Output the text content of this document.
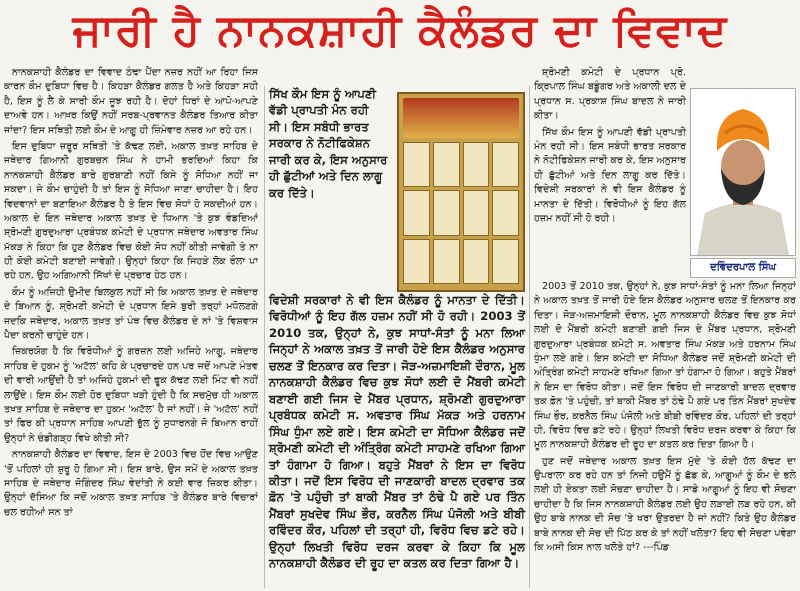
ਜਾਰੀ ਹੈ ਨਾਨਕਸ਼ਾਹੀ ਕੈਲੰਡਰ ਦਾ ਵਿਵਾਦ

ਨਾਨਕਸ਼ਾਹੀ ਕੈਲੰਡਰ ਦਾ ਵਿਵਾਦ ਠੰਢਾ ਪੈਂਦਾ ਨਜ਼ਰ ਨਹੀਂ ਆ ਰਿਹਾ ਜਿਸ ਕਾਰਨ ਕੌਮ ਦੁਬਿਧਾ ਵਿਚ ਹੈ। ਕਿਹੜਾ ਕੈਲੰਡਰ ਗਲਤ ਹੈ ਅਤੇ ਕਿਹੜਾ ਸਹੀ ਹੈ, ਇਸ ਨੂੰ ਲੈ ਕੇ ਸਾਰੀ ਕੌਮ ਜੂਝ ਰਹੀ ਹੈ। ਦੋਹਾਂ ਧਿਰਾਂ ਦੇ ਆਪੋ-ਆਪਣੇ ਦਾਅਵੇ ਹਨ। ਆਖ਼ਰ ਕਿਉਂ ਨਹੀਂ ਸਰਬ-ਪ੍ਰਵਾਨਤ ਕੈਲੰਡਰ ਤਿਆਰ ਕੀਤਾ ਜਾਂਦਾ? ਇਸ ਸਥਿਤੀ ਲਈ ਕੌਮ ਦੇ ਆਗੂ ਹੀ ਜ਼ਿੰਮੇਵਾਰ ਨਜ਼ਰ ਆ ਰਹੇ ਹਨ।

ਇਸ ਦੁਬਿਧਾ ਜ਼ਰੂਰ ਸਥਿਤੀ 'ਤੇ ਕੱਢਣ ਲਈ, ਅਕਾਲ ਤਖ਼ਤ ਸਾਹਿਬ ਦੇ ਜਥੇਦਾਰ ਗਿਆਨੀ ਗੁਰਬਚਨ ਸਿੰਘ ਨੇ ਹਾਮੀ ਭਰਦਿਆਂ ਕਿਹਾ ਕਿ ਨਾਨਕਸ਼ਾਹੀ ਕੈਲੰਡਰ ਬਾਰੇ ਗੁਰਬਾਣੀ ਨਹੀਂ ਕਿਸੇ ਨੂੰ ਸੋਧਿਆ ਨਹੀਂ ਜਾ ਸਕਦਾ। ਜੇ ਕੌਮ ਚਾਹੁੰਦੀ ਹੈ ਤਾਂ ਇਸ ਨੂੰ ਸੋਧਿਆ ਜਾਣਾ ਚਾਹੀਦਾ ਹੈ। ਇਹ ਵਿਦਵਾਨਾਂ ਦਾ ਬਣਾਇਆ ਕੈਲੰਡਰ ਹੈ ਤੇ ਇਸ ਵਿਚ ਸੋਧਾਂ ਹੋ ਸਕਦੀਆਂ ਹਨ। ਅਕਾਲ ਦੇ ਇਨ ਜਥੇਦਾਰ ਅਕਾਲ ਤਖ਼ਤ ਦੇ ਧਿਆਨ 'ਤੇ ਕੁਝ ਵੰਡਦਿਆਂ ਸ਼੍ਰੋਮਣੀ ਗੁਰਦੁਆਰਾ ਪ੍ਰਬੰਧਕ ਕਮੇਟੀ ਦੇ ਪ੍ਰਧਾਨ ਜਥੇਦਾਰ ਅਵਤਾਰ ਸਿੰਘ ਮੱਕੜ ਨੇ ਕਿਹਾ ਕਿ ਹੁਣ ਕੈਲੰਡਰ ਵਿਚ ਕੋਈ ਸੋਧ ਨਹੀਂ ਕੀਤੀ ਜਾਵੇਗੀ ਤੇ ਨਾ ਹੀ ਕੋਈ ਕਮੇਟੀ ਬਣਾਈ ਜਾਵੇਗੀ। ਉਨ੍ਹਾਂ ਕਿਹਾ ਕਿ ਜਿਹੜੇ ਲੋਕ ਰੌਲਾ ਪਾ ਰਹੇ ਹਨ, ਉਹ ਅਗਿਆਨੀ ਸਿੱਖਾਂ ਦੇ ਪ੍ਰਚਾਰ ਹੇਠ ਹਨ।

ਕੌਮ ਨੂੰ ਅਜਿਹੀ ਉਮੀਦ ਬਿਲਕੁਲ ਨਹੀਂ ਸੀ ਕਿ ਅਕਾਲ ਤਖ਼ਤ ਦੇ ਜਥੇਦਾਰ ਦੇ ਬਿਆਨ ਨੂੰ, ਸ਼੍ਰੋਮਣੀ ਕਮੇਟੀ ਦੇ ਪ੍ਰਧਾਨ ਇਸੇ ਬੁਰੀ ਤਰ੍ਹਾਂ ਮਧੋਲਣਗੇ ਜਦਕਿ ਜਥੇਦਾਰ, ਅਕਾਲ ਤਖ਼ਤ ਤਾਂ ਪੰਥ ਵਿਚ ਕੈਲੰਡਰ ਦੇ ਨਾਂ 'ਤੇ ਵਿਸ਼ਵਾਸ ਪੈਦਾ ਕਰਨੀ ਚਾਹੁੰਦੇ ਹਨ।

ਜ਼ਿਕਰਯੋਗ ਹੈ ਕਿ ਵਿਰੋਧੀਆਂ ਨੂੰ ਗਰਜ਼ਨ ਲਈ ਅਜਿਹੇ ਆਗੂ, ਜਥੇਦਾਰ ਸਾਹਿਬ ਦੇ ਹੁਕਮ ਨੂੰ 'ਅਟੱਲ' ਕਹਿ ਕੇ ਪ੍ਰਚਾਰਦੇ ਹਨ ਪਰ ਜਦੋਂ ਆਪਣੇ ਮੰਤਵ ਦੀ ਵਾਰੀ ਆਉਂਦੀ ਹੈ ਤਾਂ ਅਜਿਹੇ ਹੁਕਮਾਂ ਦੀ ਫੂਕ ਕੱਢਣ ਲਈ ਮਿੰਟ ਵੀ ਨਹੀਂ ਲਾਉਂਦੇ। ਇਸ ਕੌਮ ਲਈ ਹੋਰ ਦੁਬਿਧਾ ਖੜੀ ਹੁੰਦੀ ਹੈ ਕਿ ਸਚਮੁੱਚ ਹੀ ਅਕਾਲ ਤਖ਼ਤ ਸਾਹਿਬ ਦੇ ਜਥੇਦਾਰ ਦਾ ਹੁਕਮ 'ਅਟੱਲ' ਹੈ ਜਾਂ ਨਹੀਂ। ਜੇ 'ਅਟੱਲ' ਨਹੀਂ ਤਾਂ ਫਿਰ ਕੀ ਪ੍ਰਧਾਨ ਸਾਹਿਬ ਆਪਣੀ ਭੁੱਲ ਨੂੰ ਸੁਧਾਰਨਗੇ ਜੋ ਬਿਆਨ ਰਾਹੀਂ ਉਨ੍ਹਾਂ ਨੇ ਚੰਡੀਗੜ੍ਹ ਵਿਖੇ ਕੀਤੀ ਸੀ?

ਨਾਨਕਸ਼ਾਹੀ ਕੈਲੰਡਰ ਦਾ ਵਿਵਾਦ, ਇਸ ਦੇ 2003 ਵਿਚ ਹੋਂਦ ਵਿਚ ਆਉਣ 'ਤੋਂ ਪਹਿਲਾਂ ਹੀ ਸ਼ੁਰੂ ਹੋ ਗਿਆ ਸੀ। ਇਸ ਬਾਰੇ, ਉਸ ਸਮੇਂ ਦੇ ਅਕਾਲ ਤਖ਼ਤ ਸਾਹਿਬ ਦੇ ਜਥੇਦਾਰ ਜੋਗਿੰਦਰ ਸਿੰਘ ਵੇਦਾਂਤੀ ਨੇ ਕਈ ਵਾਰ ਜ਼ਿਕਰ ਕੀਤਾ। ਉਨ੍ਹਾਂ ਦੱਸਿਆ ਕਿ ਜਦੋਂ ਅਕਾਲ ਤਖ਼ਤ ਸਾਹਿਬ 'ਤੇ ਕੈਲੰਡਰ ਬਾਰੇ ਵਿਚਾਰਾਂ ਚਲ ਰਹੀਆਂ ਸਨ ਤਾਂ

ਸਿੱਖ ਕੌਮ ਇਸ ਨੂੰ ਆਪਣੀ ਵੱਡੀ ਪ੍ਰਾਪਤੀ ਮੰਨ ਰਹੀ ਸੀ। ਇਸ ਸਬੰਧੀ ਭਾਰਤ ਸਰਕਾਰ ਨੇ ਨੋਟੀਫਿਕੇਸ਼ਨ ਜਾਰੀ ਕਰ ਕੇ, ਇਸ ਅਨੁਸਾਰ ਹੀ ਛੁੱਟੀਆਂ ਅਤੇ ਦਿਨ ਲਾਗੂ ਕਰ ਦਿੱਤੇ।

ਵਿਦੇਸ਼ੀ ਸਰਕਾਰਾਂ ਨੇ ਵੀ ਇਸ ਕੈਲੰਡਰ ਨੂੰ ਮਾਨਤਾ ਦੇ ਦਿੱਤੀ। ਵਿਰੋਧੀਆਂ ਨੂੰ ਇਹ ਗੱਲ ਹਜ਼ਮ ਨਹੀਂ ਸੀ ਹੋ ਰਹੀ। 2003 ਤੋਂ 2010 ਤਕ, ਉਨ੍ਹਾਂ ਨੇ, ਕੁਝ ਸਾਧਾਂ-ਸੰਤਾਂ ਨੂੰ ਮਨਾ ਲਿਆ ਜਿਨ੍ਹਾਂ ਨੇ ਅਕਾਲ ਤਖ਼ਤ ਤੋਂ ਜਾਰੀ ਹੋਏ ਇਸ ਕੈਲੰਡਰ ਅਨੁਸਾਰ ਚਲਣ ਤੋਂ ਇਨਕਾਰ ਕਰ ਦਿਤਾ। ਜੋੜ-ਅਜ਼ਮਾਇਸ਼ੀ ਦੌਰਾਨ, ਮੂਲ ਨਾਨਕਸ਼ਾਹੀ ਕੈਲੰਡਰ ਵਿਚ ਕੁਝ ਸੋਧਾਂ ਲਈ ਦੋ ਮੈਂਬਰੀ ਕਮੇਟੀ ਬਣਾਈ ਗਈ ਜਿਸ ਦੇ ਮੈਂਬਰ ਪ੍ਰਧਾਨ, ਸ਼੍ਰੋਮਣੀ ਗੁਰਦੁਆਰਾ ਪ੍ਰਬੰਧਕ ਕਮੇਟੀ ਸ. ਅਵਤਾਰ ਸਿੰਘ ਮੱਕੜ ਅਤੇ ਹਰਨਾਮ ਸਿੰਘ ਧੁੰਮਾ ਲਏ ਗਏ। ਇਸ ਕਮੇਟੀ ਦਾ ਸੋਧਿਆ ਕੈਲੰਡਰ ਜਦੋਂ ਸ਼੍ਰੋਮਣੀ ਕਮੇਟੀ ਦੀ ਅੰਤ੍ਰਿੰਗ ਕਮੇਟੀ ਸਾਹਮਣੇ ਰਖਿਆ ਗਿਆ ਤਾਂ ਹੰਗਾਮਾ ਹੋ ਗਿਆ। ਬਹੁਤੇ ਮੈਂਬਰਾਂ ਨੇ ਇਸ ਦਾ ਵਿਰੋਧ ਕੀਤਾ। ਜਦੋਂ ਇਸ ਵਿਰੋਧ ਦੀ ਜਾਣਕਾਰੀ ਬਾਦਲ ਦ੍ਰਵਾਰ ਤਕ ਫ਼ੋਨ 'ਤੇ ਪਹੁੰਚੀ ਤਾਂ ਬਾਕੀ ਮੈਂਬਰ ਤਾਂ ਠੰਢੇ ਪੈ ਗਏ ਪਰ ਤਿੰਨ ਮੈਂਬਰਾਂ ਸੁਖਦੇਵ ਸਿੰਘ ਭੌਰ, ਕਰਨੈਲ ਸਿੰਘ ਪੰਜੋਲੀ ਅਤੇ ਬੀਬੀ ਰਵਿੰਦਰ ਕੌਰ, ਪਹਿਲਾਂ ਦੀ ਤਰ੍ਹਾਂ ਹੀ, ਵਿਰੋਧ ਵਿਚ ਡਟੇ ਰਹੇ। ਉਨ੍ਹਾਂ ਲਿਖਤੀ ਵਿਰੋਧ ਦਰਜ ਕਰਵਾ ਕੇ ਕਿਹਾ ਕਿ ਮੂਲ ਨਾਨਕਸ਼ਾਹੀ ਕੈਲੰਡਰ ਦੀ ਰੂਹ ਦਾ ਕਤਲ ਕਰ ਦਿਤਾ ਗਿਆ ਹੈ।

ਸ਼੍ਰੋਮਣੀ ਕਮੇਟੀ ਦੇ ਪ੍ਰਧਾਨ ਪ੍ਰੋ. ਕ੍ਰਿਪਾਲ ਸਿੰਘ ਬਡੂੰਗਰ ਅਤੇ ਅਕਾਲੀ ਦਲ ਦੇ ਪ੍ਰਧਾਨ ਸ. ਪ੍ਰਕਾਸ਼ ਸਿੰਘ ਬਾਦਲ ਨੇ ਜਾਰੀ ਕੀਤਾ।

ਸਿੱਖ ਕੌਮ ਇਸ ਨੂੰ ਆਪਣੀ ਵੱਡੀ ਪ੍ਰਾਪਤੀ ਮੰਨ ਰਹੀ ਸੀ। ਇਸ ਸਬੰਧੀ ਭਾਰਤ ਸਰਕਾਰ ਨੇ ਨੋਟੀਫਿਕੇਸ਼ਨ ਜਾਰੀ ਕਰ ਕੇ, ਇਸ ਅਨੁਸਾਰ ਹੀ ਛੁੱਟੀਆਂ ਅਤੇ ਦਿਨ ਲਾਗੂ ਕਰ ਦਿੱਤੇ। ਵਿਦੇਸ਼ੀ ਸਰਕਾਰਾਂ ਨੇ ਵੀ ਇਸ ਕੈਲੰਡਰ ਨੂੰ ਮਾਨਤਾ ਦੇ ਦਿੱਤੀ। ਵਿਰੋਧੀਆਂ ਨੂੰ ਇਹ ਗੱਲ ਹਜ਼ਮ ਨਹੀਂ ਸੀ ਹੋ ਰਹੀ।

ਦਵਿੰਦਰਪਾਲ ਸਿੰਘ

2003 ਤੋਂ 2010 ਤਕ, ਉਨ੍ਹਾਂ ਨੇ, ਕੁਝ ਸਾਧਾਂ-ਸੰਤਾਂ ਨੂੰ ਮਨਾ ਲਿਆ ਜਿਨ੍ਹਾਂ ਨੇ ਅਕਾਲ ਤਖ਼ਤ ਤੋਂ ਜਾਰੀ ਹੋਏ ਇਸ ਕੈਲੰਡਰ ਅਨੁਸਾਰ ਚਲਣ ਤੋਂ ਇਨਕਾਰ ਕਰ ਦਿਤਾ। ਜੋੜ-ਅਜ਼ਮਾਇਸ਼ੀ ਦੌਰਾਨ, ਮੂਲ ਨਾਨਕਸ਼ਾਹੀ ਕੈਲੰਡਰ ਵਿਚ ਕੁਝ ਸੋਧਾਂ ਲਈ ਦੋ ਮੈਂਬਰੀ ਕਮੇਟੀ ਬਣਾਈ ਗਈ ਜਿਸ ਦੇ ਮੈਂਬਰ ਪ੍ਰਧਾਨ, ਸ਼੍ਰੋਮਣੀ ਗੁਰਦੁਆਰਾ ਪ੍ਰਬੰਧਕ ਕਮੇਟੀ ਸ. ਅਵਤਾਰ ਸਿੰਘ ਮੱਕੜ ਅਤੇ ਹਰਨਾਮ ਸਿੰਘ ਧੁੰਮਾ ਲਏ ਗਏ। ਇਸ ਕਮੇਟੀ ਦਾ ਸੋਧਿਆ ਕੈਲੰਡਰ ਜਦੋਂ ਸ਼੍ਰੋਮਣੀ ਕਮੇਟੀ ਦੀ ਅੰਤ੍ਰਿੰਗ ਕਮੇਟੀ ਸਾਹਮਣੇ ਰਖਿਆ ਗਿਆ ਤਾਂ ਹੰਗਾਮਾ ਹੋ ਗਿਆ। ਬਹੁਤੇ ਮੈਂਬਰਾਂ ਨੇ ਇਸ ਦਾ ਵਿਰੋਧ ਕੀਤਾ। ਜਦੋਂ ਇਸ ਵਿਰੋਧ ਦੀ ਜਾਣਕਾਰੀ ਬਾਦਲ ਦ੍ਰਵਾਰ ਤਕ ਫ਼ੋਨ 'ਤੇ ਪਹੁੰਚੀ, ਤਾਂ ਬਾਕੀ ਮੈਂਬਰ ਤਾਂ ਠੰਢੇ ਪੈ ਗਏ ਪਰ ਤਿੰਨ ਮੈਂਬਰਾਂ ਸੁਖਦੇਵ ਸਿੰਘ ਭੌਰ, ਕਰਨੈਲ ਸਿੰਘ ਪੰਜੋਲੀ ਅਤੇ ਬੀਬੀ ਰਵਿੰਦਰ ਕੌਰ, ਪਹਿਲਾਂ ਦੀ ਤਰ੍ਹਾਂ ਹੀ, ਵਿਰੋਧ ਵਿਚ ਡਟੇ ਰਹੇ। ਉਨ੍ਹਾਂ ਲਿਖਤੀ ਵਿਰੋਧ ਦਰਜ ਕਰਵਾ ਕੇ ਕਿਹਾ ਕਿ ਮੂਲ ਨਾਨਕਸ਼ਾਹੀ ਕੈਲੰਡਰ ਦੀ ਰੂਹ ਦਾ ਕਤਲ ਕਰ ਦਿਤਾ ਗਿਆ ਹੈ।

ਹੁਣ ਜਦੋਂ ਜਥੇਦਾਰ ਅਕਾਲ ਤਖ਼ਤ ਇਸ ਮੁੱਦੇ 'ਤੇ ਕੋਈ ਹੱਲ ਕੱਢਣ ਦਾ ਉਪਰਾਲਾ ਕਰ ਰਹੇ ਹਨ ਤਾਂ ਨਿਜੀ ਹਉਮੈਂ ਨੂੰ ਛੱਡ ਕੇ, ਆਗੂਆਂ ਨੂੰ ਕੌਮ ਦੇ ਭਲੇ ਲਈ ਹੀ ਏਕਤਾ ਲਈ ਸੋਚਣਾ ਚਾਹੀਦਾ ਹੈ। ਸਾਡੇ ਆਗੂਆਂ ਨੂੰ ਇਹ ਵੀ ਸੋਚਣਾ ਚਾਹੀਦਾ ਹੈ ਕਿ ਜਿਸ ਨਾਨਕਸ਼ਾਹੀ ਕੈਲੰਡਰ ਲਈ ਉਹ ਲੜਾਈ ਲੜ ਰਹੇ ਹਨ, ਕੀ ਉਹ ਬਾਬੇ ਨਾਨਕ ਦੀ ਸੋਚ 'ਤੇ ਖਰਾ ਉਤਰਦਾ ਹੈ ਜਾਂ ਨਹੀਂ? ਕਿਤੇ ਉਹ ਕੈਲੰਡਰ ਬਾਬੇ ਨਾਨਕ ਦੀ ਸੋਚ ਦੀ ਪਿੱਠ ਕਰ ਕੇ ਤਾਂ ਨਹੀਂ ਖਲੋਤਾ? ਇਹ ਵੀ ਸੋਚਣਾ ਪਵੇਗਾ ਕਿ ਅਸੀ ਕਿਸ ਨਾਲ ਖਲੋਤੇ ਹਾਂ? ---ਪਿੰਡ
